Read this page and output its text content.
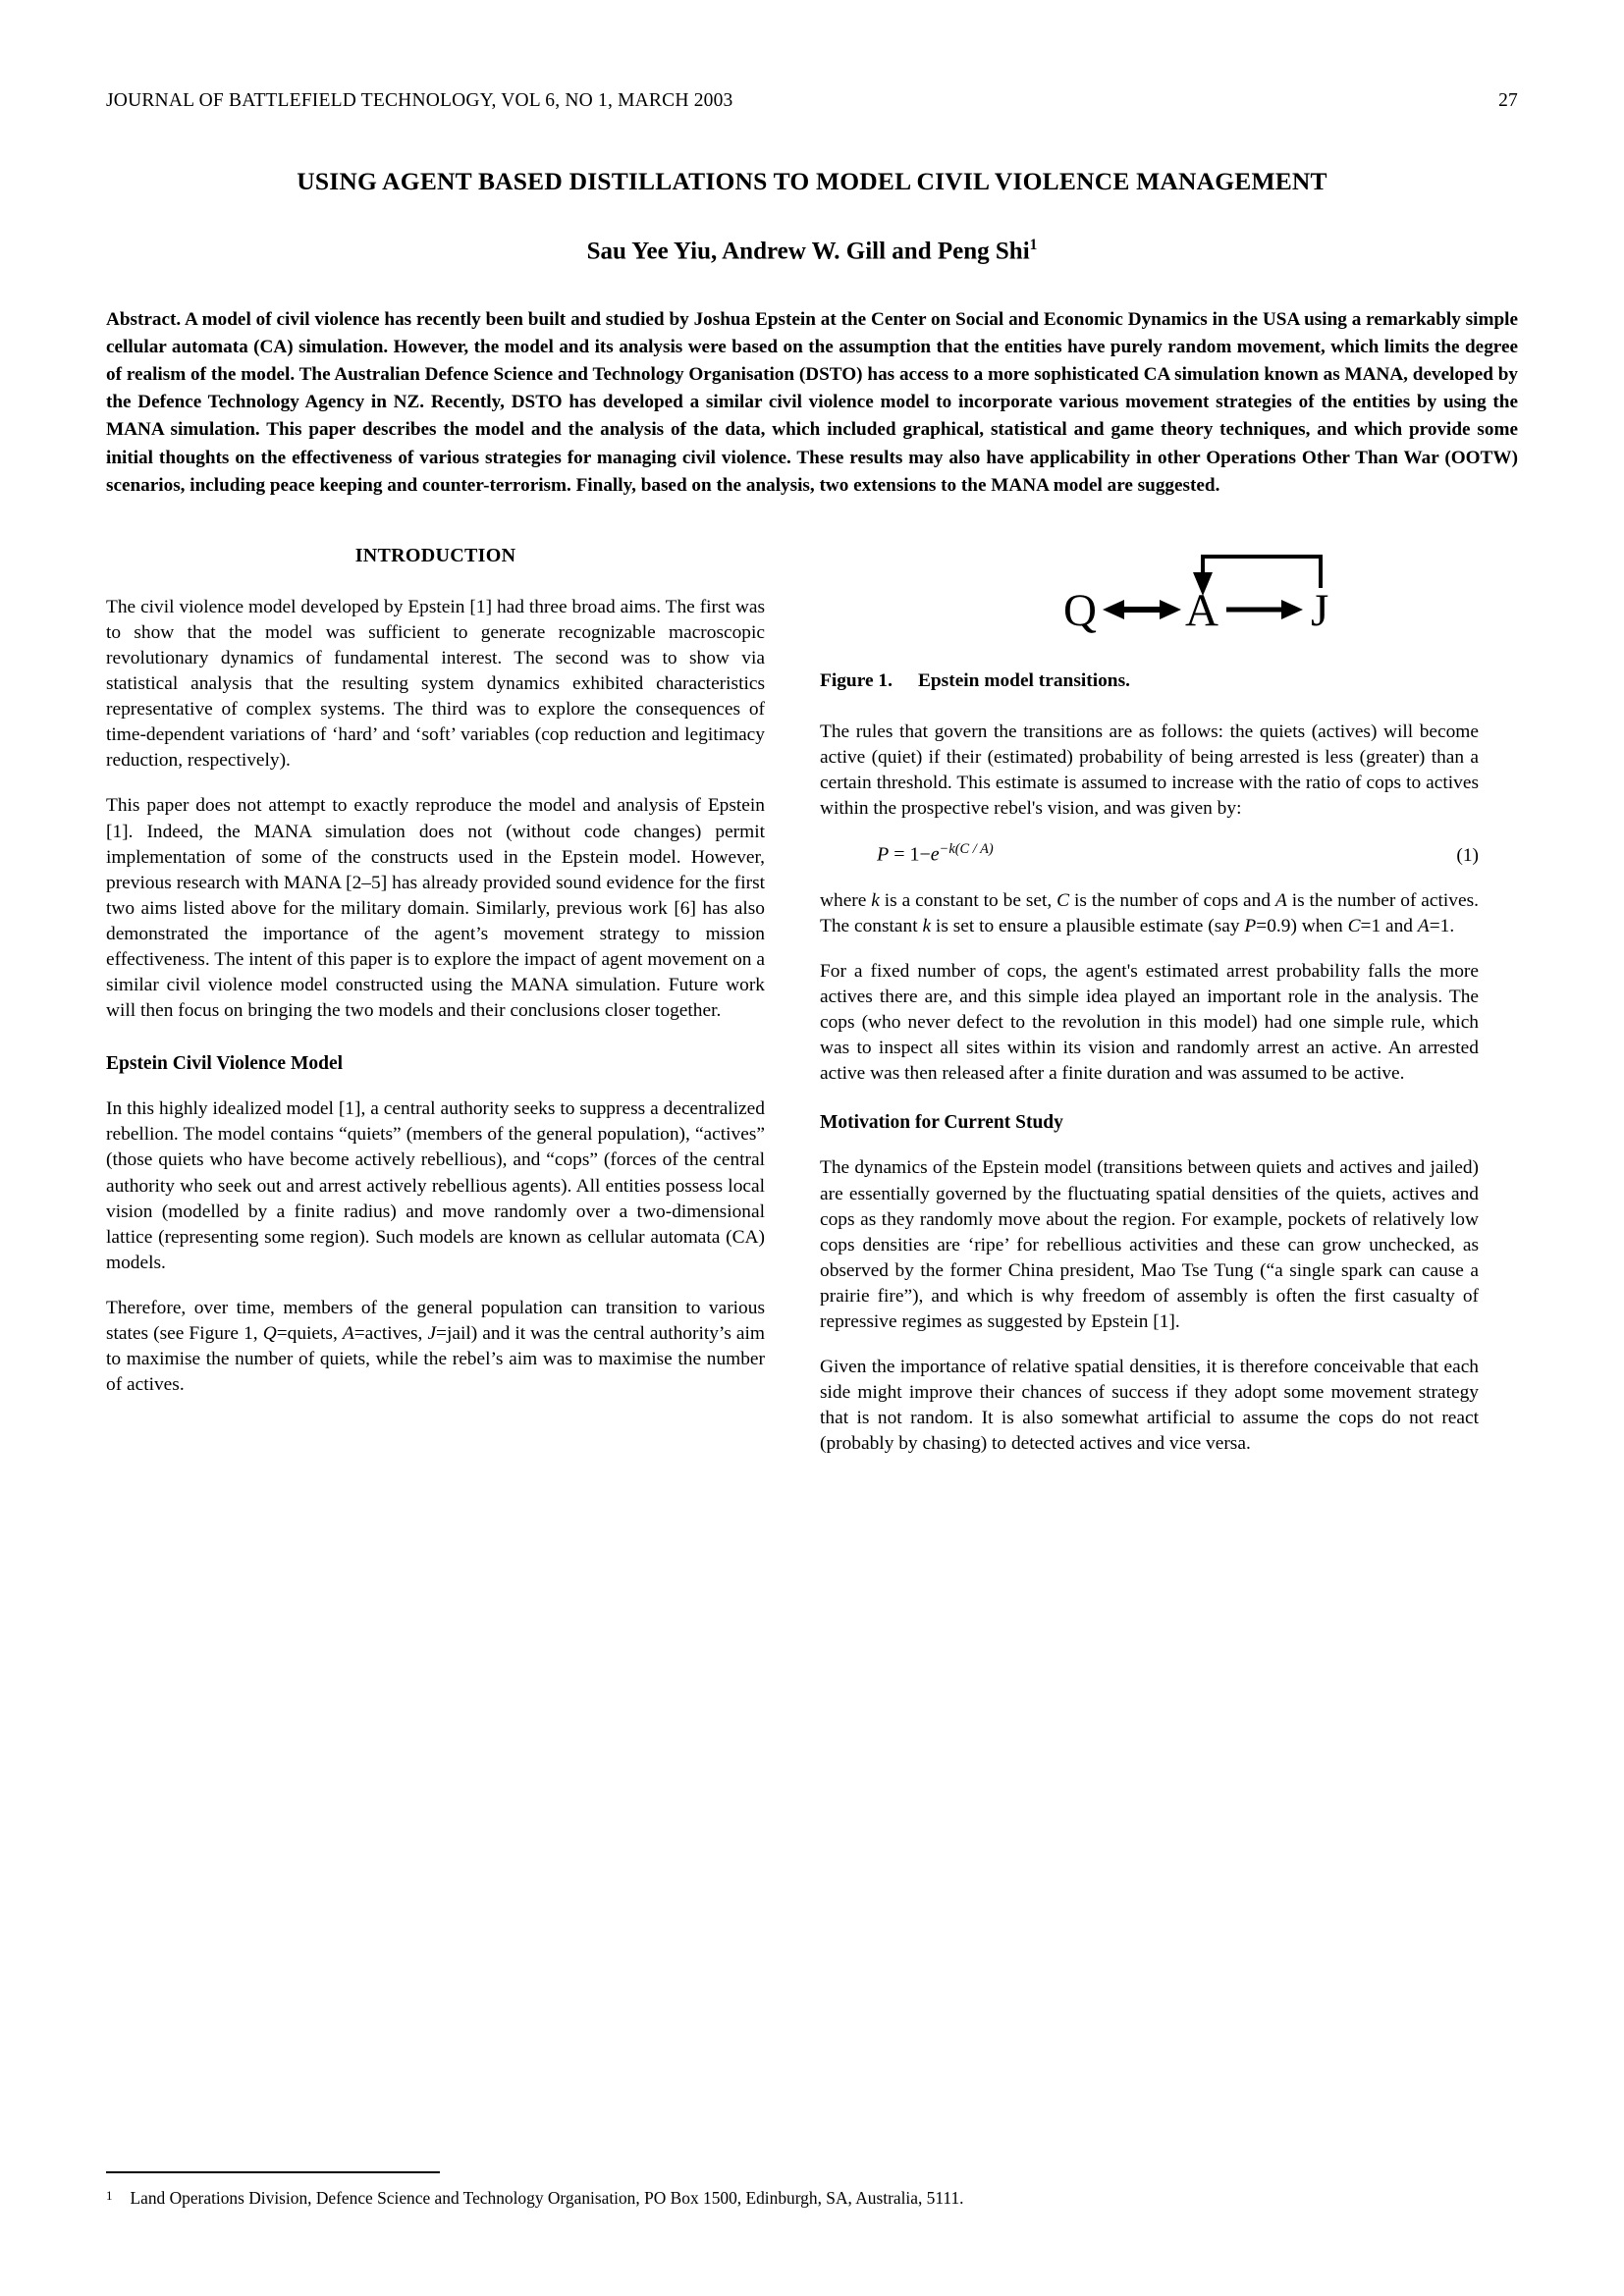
JOURNAL OF BATTLEFIELD TECHNOLOGY, VOL 6, NO 1, MARCH 2003	27
USING AGENT BASED DISTILLATIONS TO MODEL CIVIL VIOLENCE MANAGEMENT
Sau Yee Yiu, Andrew W. Gill and Peng Shi$^1$
Abstract. A model of civil violence has recently been built and studied by Joshua Epstein at the Center on Social and Economic Dynamics in the USA using a remarkably simple cellular automata (CA) simulation. However, the model and its analysis were based on the assumption that the entities have purely random movement, which limits the degree of realism of the model. The Australian Defence Science and Technology Organisation (DSTO) has access to a more sophisticated CA simulation known as MANA, developed by the Defence Technology Agency in NZ. Recently, DSTO has developed a similar civil violence model to incorporate various movement strategies of the entities by using the MANA simulation. This paper describes the model and the analysis of the data, which included graphical, statistical and game theory techniques, and which provide some initial thoughts on the effectiveness of various strategies for managing civil violence. These results may also have applicability in other Operations Other Than War (OOTW) scenarios, including peace keeping and counter-terrorism. Finally, based on the analysis, two extensions to the MANA model are suggested.
INTRODUCTION

The civil violence model developed by Epstein [1] had three broad aims. The first was to show that the model was sufficient to generate recognizable macroscopic revolutionary dynamics of fundamental interest. The second was to show via statistical analysis that the resulting system dynamics exhibited characteristics representative of complex systems. The third was to explore the consequences of time-dependent variations of ‘hard’ and ‘soft’ variables (cop reduction and legitimacy reduction, respectively).

This paper does not attempt to exactly reproduce the model and analysis of Epstein [1]. Indeed, the MANA simulation does not (without code changes) permit implementation of some of the constructs used in the Epstein model. However, previous research with MANA [2–5] has already provided sound evidence for the first two aims listed above for the military domain. Similarly, previous work [6] has also demonstrated the importance of the agent’s movement strategy to mission effectiveness. The intent of this paper is to explore the impact of agent movement on a similar civil violence model constructed using the MANA simulation. Future work will then focus on bringing the two models and their conclusions closer together.

Epstein Civil Violence Model

In this highly idealized model [1], a central authority seeks to suppress a decentralized rebellion. The model contains “quiets” (members of the general population), “actives” (those quiets who have become actively rebellious), and “cops” (forces of the central authority who seek out and arrest actively rebellious agents). All entities possess local vision (modelled by a finite radius) and move randomly over a two-dimensional lattice (representing some region). Such models are known as cellular automata (CA) models.

Therefore, over time, members of the general population can transition to various states (see Figure 1, Q=quiets, A=actives, J=jail) and it was the central authority’s aim to maximise the number of quiets, while the rebel’s aim was to maximise the number of actives.

Q A J
Figure 1. Epstein model transitions.

The rules that govern the transitions are as follows: the quiets (actives) will become active (quiet) if their (estimated) probability of being arrested is less (greater) than a certain threshold. This estimate is assumed to increase with the ratio of cops to actives within the prospective rebel's vision, and was given by:

$P = 1-e^{-k(C / A)}$	(1)

where k is a constant to be set, C is the number of cops and A is the number of actives. The constant k is set to ensure a plausible estimate (say P=0.9) when C=1 and A=1.

For a fixed number of cops, the agent's estimated arrest probability falls the more actives there are, and this simple idea played an important role in the analysis. The cops (who never defect to the revolution in this model) had one simple rule, which was to inspect all sites within its vision and randomly arrest an active. An arrested active was then released after a finite duration and was assumed to be active.

Motivation for Current Study

The dynamics of the Epstein model (transitions between quiets and actives and jailed) are essentially governed by the fluctuating spatial densities of the quiets, actives and cops as they randomly move about the region. For example, pockets of relatively low cops densities are ‘ripe’ for rebellious activities and these can grow unchecked, as observed by the former China president, Mao Tse Tung (“a single spark can cause a prairie fire”), and which is why freedom of assembly is often the first casualty of repressive regimes as suggested by Epstein [1].

Given the importance of relative spatial densities, it is therefore conceivable that each side might improve their chances of success if they adopt some movement strategy that is not random. It is also somewhat artificial to assume the cops do not react (probably by chasing) to detected actives and vice versa.

1 Land Operations Division, Defence Science and Technology Organisation, PO Box 1500, Edinburgh, SA, Australia, 5111.
